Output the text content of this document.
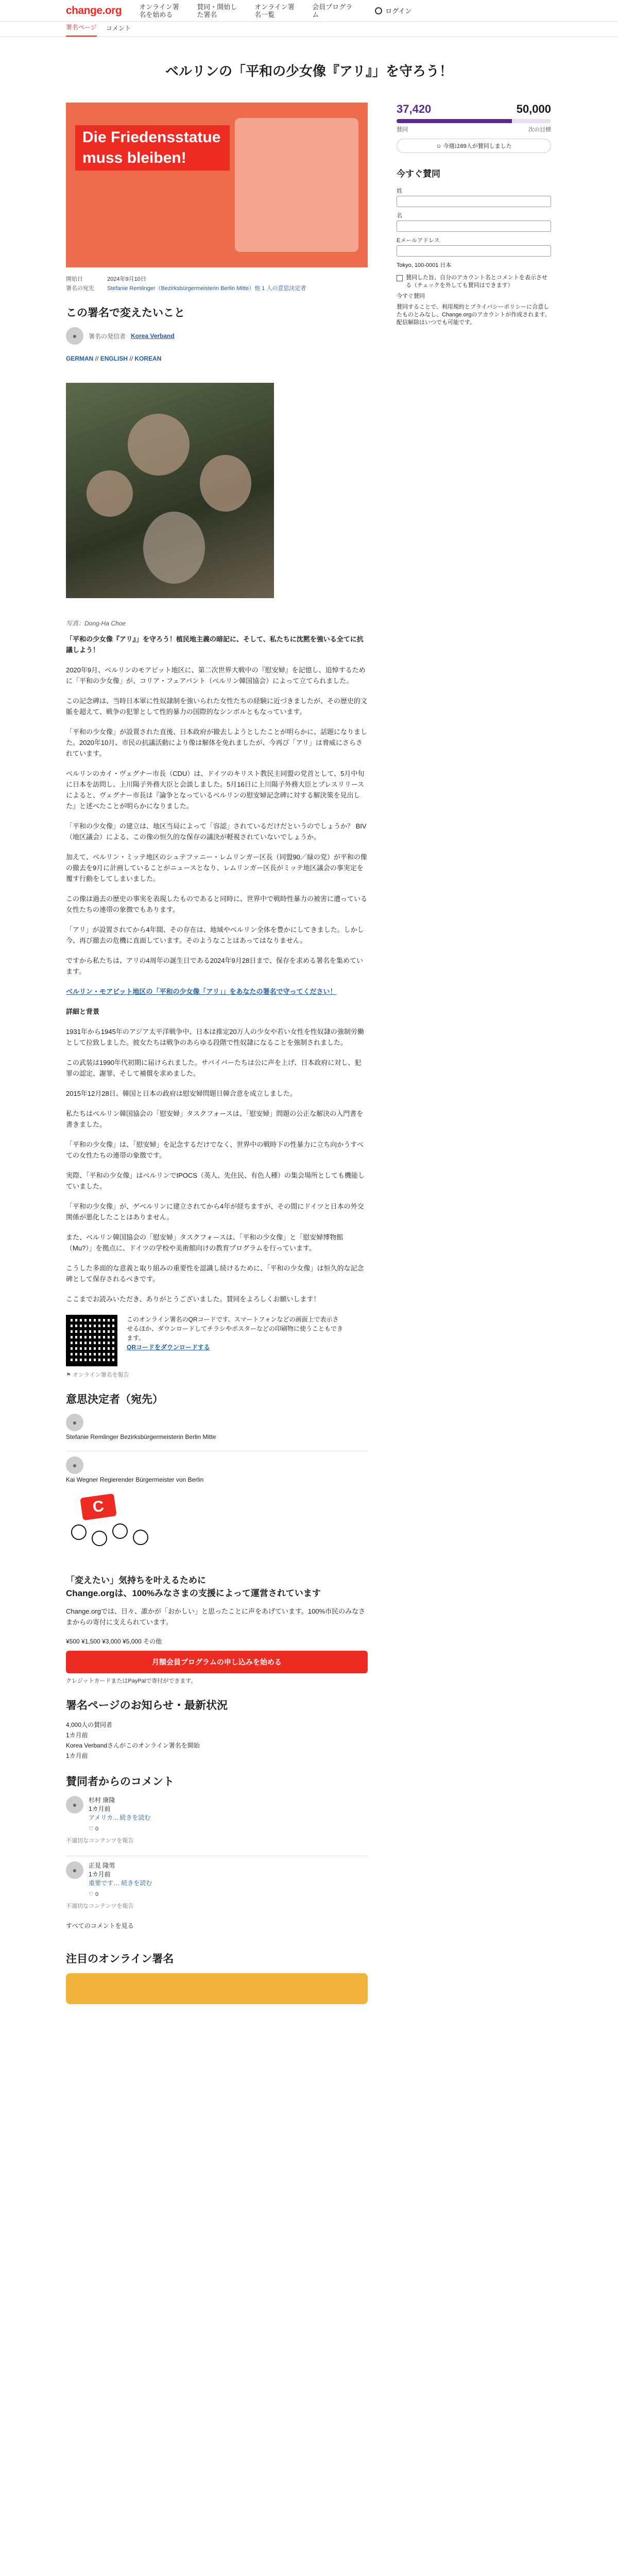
change.org	オンライン署名を始める
賛同・開始した署名
オンライン署名一覧
会員プログラム	ログイン
署名ページ コメント
ベルリンの「平和の少女像『アリ』」を守ろう！
Die Friedensstatue muss bleiben!
開始日	2024年9月10日
署名の宛先	Stefanie Remlinger（Bezirksbürgermeisterin Berlin Mitte）他 1 人の意思決定者
この署名で変えたいこと
●	署名の発信者 Korea Verband
GERMAN // ENGLISH // KOREAN
写真：Dong-Ha Choe

「平和の少女像『アリ』」を守ろう！植民地主義の暗記に、そして、私たちに沈黙を強いる全てに抗議しよう！

2020年9月、ベルリンのモアビット地区に、第二次世界大戦中の『慰安婦』を記憶し、追悼するために「平和の少女像」が、コリア・フェアバント（ベルリン韓国協会）によって立てられました。

この記念碑は、当時日本軍に性奴隷制を強いられた女性たちの経験に近づきましたが、その歴史的文脈を超えて、戦争の犯罪として性的暴力の国際的なシンボルともなっています。

「平和の少女像」が設置された直後、日本政府が撤去しようとしたことが明らかに、話題になりました。2020年10月、市民の抗議活動により像は解体を免れましたが、今再び「アリ」は脅威にさらされています。

ベルリンのカイ・ヴェグナー市長（CDU）は、ドイツのキリスト教民主同盟の党首として、5月中旬に日本を訪問し、上川陽子外務大臣と会談しました。5月16日に上川陽子外務大臣とプレスリリースによると、ヴェグナー市長は『論争となっているベルリンの慰安婦記念碑に対する解決策を見出した』と述べたことが明らかになりました。

「平和の少女像」の建立は、地区当局によって「容認」されているだけだというのでしょうか？ BIV（地区議会）による、この像の恒久的な保存の議決が軽視されていないでしょうか。

加えて、ベルリン・ミッテ地区のシュテファニー・レムリンガー区長（同盟90／緑の党）が平和の像の撤去を9月に計画していることがニュースとなり、レムリンガー区長がミッテ地区議会の事実定を覆す行動をしてしまいました。

この像は過去の歴史の事実を表現したものであると同時に、世界中で戦時性暴力の被害に遭っている女性たちの連帯の象徴でもあります。

「アリ」が設置されてから4年間、その存在は、地域やベルリン全体を豊かにしてきました。しかし今、再び撤去の危機に直面しています。そのようなことはあってはなりません。

ですから私たちは、アリの4周年の誕生日である2024年9月28日まで、保存を求める署名を集めています。

ベルリン・モアビット地区の「平和の少女像「アリ」」をあなたの署名で守ってください！

詳細と背景

1931年から1945年のアジア太平洋戦争中、日本は推定20万人の少女や若い女性を性奴隷の強制労働として拉致しました。彼女たちは戦争のあらゆる段階で性奴隷になることを強制されました。

この武装は1990年代初期に届けられました。サバイバーたちは公に声を上げ、日本政府に対し、犯罪の認定、謝罪、そして補償を求めました。

2015年12月28日、韓国と日本の政府は慰安婦問題日韓合意を成立しました。

私たちはベルリン韓国協会の「慰安婦」タスクフォースは、「慰安婦」問題の公正な解決の入門書を書きました。

「平和の少女像」は、「慰安婦」を記念するだけでなく、世界中の戦時下の性暴力に立ち向かうすべての女性たちの連帯の象徴です。

実際、「平和の少女像」はベルリンでIPOCS（英人、先住民、有色人種）の集会場所としても機能していました。

「平和の少女像」が、ゲベルリンに建立されてから4年が経ちますが、その間にドイツと日本の外交関係が悪化したことはありません。

また、ベルリン韓国協会の「慰安婦」タスクフォースは、「平和の少女像」と「慰安婦博物館（Mu?）」を拠点に、ドイツの学校や美術館向けの教育プログラムを行っています。

こうした多面的な意義と取り組みの重要性を認識し続けるために、「平和の少女像」は恒久的な記念碑として保存されるべきです。

ここまでお読みいただき、ありがとうございました。賛同をよろしくお願いします！

このオンライン署名のQRコードです。スマートフォンなどの画面上で表示させるほか、ダウンロードしてチラシやポスターなどの印刷物に使うこともできます。
QRコードをダウンロードする
⚑ オンライン署名を報告
意思決定者（宛先）
●
Stefanie Remlinger Bezirksbürgermeisterin Berlin Mitte
●
Kai Wegner Regierender Bürgermeister von Berlin
C
「変えたい」気持ちを叶えるために
Change.orgは、100%みなさまの支援によって運営されています

Change.orgでは、日々、誰かが「おかしい」と思ったことに声をあげています。100%市民のみなさまからの寄付に支えられています。

¥500 ¥1,500 ¥3,000 ¥5,000 その他
月額会員プログラムの申し込みを始める
クレジットカードまたはPayPalで寄付ができます。
署名ページのお知らせ・最新状況
4,000人の賛同者
1カ月前
Korea Verbandさんがこのオンライン署名を開始
1カ月前
賛同者からのコメント
●
杉村 康隆
1カ月前
アメリカ... 続きを読む
♡ 0
不適切なコンテンツを報告
●
正見 隆男
1カ月前
重要です… 続きを読む
♡ 0
不適切なコンテンツを報告
すべてのコメントを見る
注目のオンライン署名
37,420	50,000
賛同	次の目標
☺ 今週は69人が賛同しました
今すぐ賛同
姓
名
Eメールアドレス
Tokyo, 100-0001 日本
賛同した旨、自分のアカウント名とコメントを表示させる（チェックを外しても賛同はできます）

今すぐ賛同

賛同することで、利用規約とプライバシーポリシーに合意したものとみなし、Change.orgのアカウントが作成されます。配信解除はいつでも可能です。
